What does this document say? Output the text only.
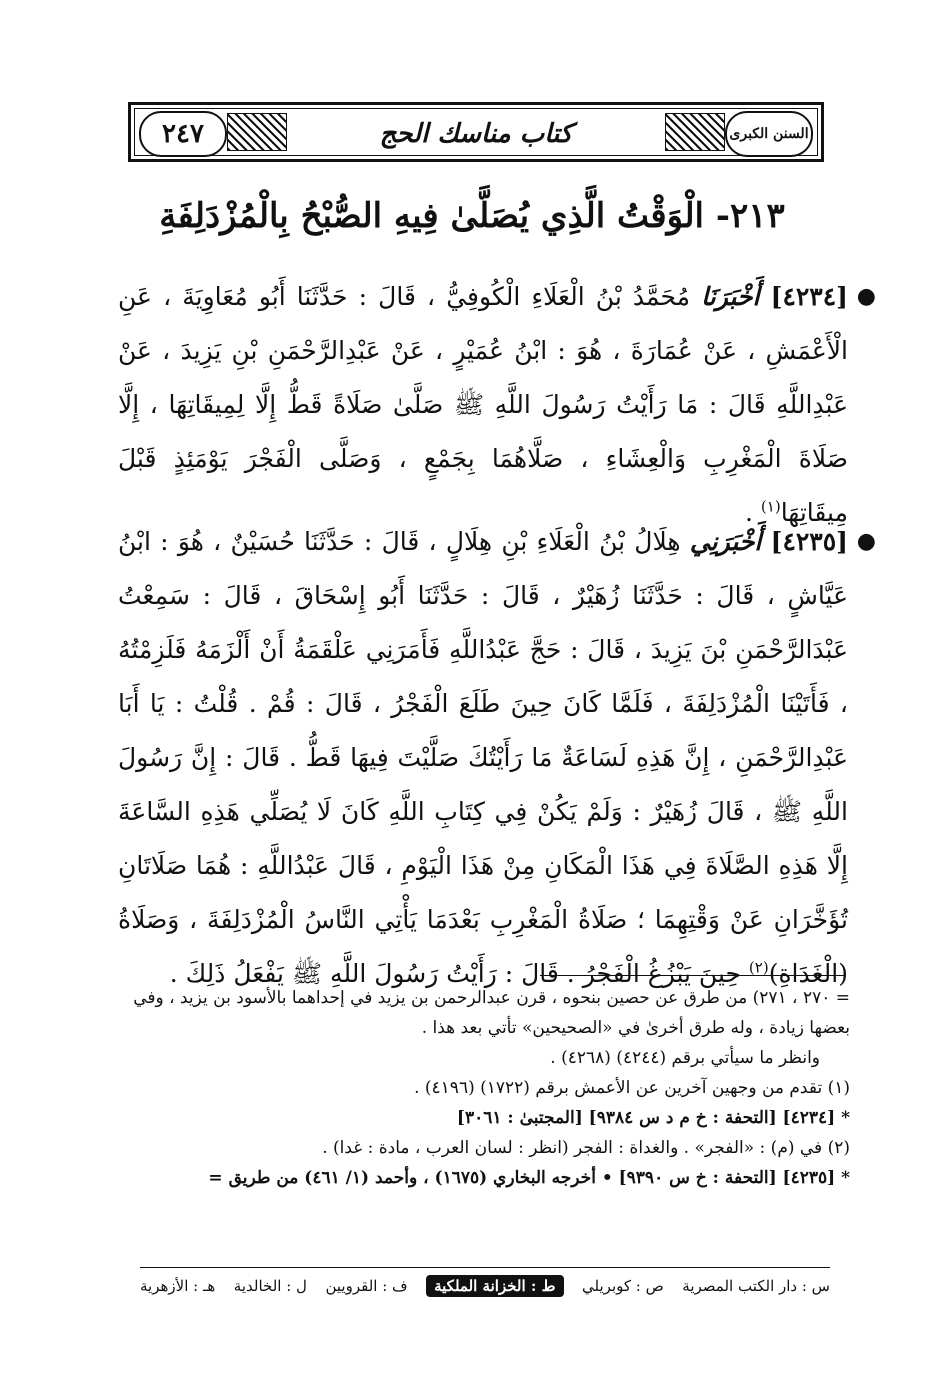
٢٤٧	السنن الكبرى
كتاب مناسك الحج
٢١٣- الْوَقْتُ الَّذِي يُصَلَّىٰ فِيهِ الصُّبْحُ بِالْمُزْدَلِفَةِ
●
[٤٢٣٤] أَخْبَرَنَا مُحَمَّدُ بْنُ الْعَلَاءِ الْكُوفِيُّ ، قَالَ : حَدَّثَنَا أَبُو مُعَاوِيَةَ ، عَنِ الْأَعْمَشِ ، عَنْ عُمَارَةَ ، هُوَ : ابْنُ عُمَيْرٍ ، عَنْ عَبْدِالرَّحْمَنِ بْنِ يَزِيدَ ، عَنْ عَبْدِاللَّهِ قَالَ : مَا رَأَيْتُ رَسُولَ اللَّهِ ﷺ صَلَّىٰ صَلَاةً قَطُّ إِلَّا لِمِيقَاتِهَا ، إِلَّا صَلَاةَ الْمَغْرِبِ وَالْعِشَاءِ ، صَلَّاهُمَا بِجَمْعٍ ، وَصَلَّى الْفَجْرَ يَوْمَئِذٍ قَبْلَ مِيقَاتِهَا$^{(١)}$ .
●
[٤٢٣٥] أَخْبَرَنِي هِلَالُ بْنُ الْعَلَاءِ بْنِ هِلَالٍ ، قَالَ : حَدَّثَنَا حُسَيْنٌ ، هُوَ : ابْنُ عَيَّاشٍ ، قَالَ : حَدَّثَنَا زُهَيْرٌ ، قَالَ : حَدَّثَنَا أَبُو إِسْحَاقَ ، قَالَ : سَمِعْتُ عَبْدَالرَّحْمَنِ بْنَ يَزِيدَ ، قَالَ : حَجَّ عَبْدُاللَّهِ فَأَمَرَنِي عَلْقَمَةُ أَنْ أَلْزَمَهُ فَلَزِمْتُهُ ، فَأَتَيْنَا الْمُزْدَلِفَةَ ، فَلَمَّا كَانَ حِينَ طَلَعَ الْفَجْرُ ، قَالَ : قُمْ . قُلْتُ : يَا أَبَا عَبْدِالرَّحْمَنِ ، إِنَّ هَذِهِ لَسَاعَةٌ مَا رَأَيْتُكَ صَلَّيْتَ فِيهَا قَطُّ . قَالَ : إِنَّ رَسُولَ اللَّهِ ﷺ ، قَالَ زُهَيْرٌ : وَلَمْ يَكُنْ فِي كِتَابِ اللَّهِ كَانَ لَا يُصَلِّي هَذِهِ السَّاعَةَ إِلَّا هَذِهِ الصَّلَاةَ فِي هَذَا الْمَكَانِ مِنْ هَذَا الْيَوْمِ ، قَالَ عَبْدُاللَّهِ : هُمَا صَلَاتَانِ تُؤَخَّرَانِ عَنْ وَقْتِهِمَا ؛ صَلَاةُ الْمَغْرِبِ بَعْدَمَا يَأْتِي النَّاسُ الْمُزْدَلِفَةَ ، وَصَلَاةُ (الْغَدَاةِ)$^{(٢)}$ حِينَ يَبْزُغُ الْفَجْرُ . قَالَ : رَأَيْتُ رَسُولَ اللَّهِ ﷺ يَفْعَلُ ذَلِكَ .

= ٢٧٠ ، ٢٧١) من طرق عن حصين بنحوه ، قرن عبدالرحمن بن يزيد في إحداهما بالأسود بن يزيد ، وفي بعضها زيادة ، وله طرق أخرىٰ في «الصحيحين» تأتي بعد هذا .

وانظر ما سيأتي برقم (٤٢٤٤) (٤٢٦٨) .

(١) تقدم من وجهين آخرين عن الأعمش برقم (١٧٢٢) (٤١٩٦) .

* [٤٢٣٤] [التحفة : خ م د س ٩٣٨٤] [المجتبىٰ : ٣٠٦١]

(٢) في (م) : «الفجر» . والغداة : الفجر (انظر : لسان العرب ، مادة : غدا) .

* [٤٢٣٥] [التحفة : خ س ٩٣٩٠] • أخرجه البخاري (١٦٧٥) ، وأحمد (١/ ٤٦١) من طريق =

س : دار الكتب المصرية
ص : كوبريلي
ط : الخزانة الملكية
ف : القرويين
ل : الخالدية
هـ : الأزهرية
